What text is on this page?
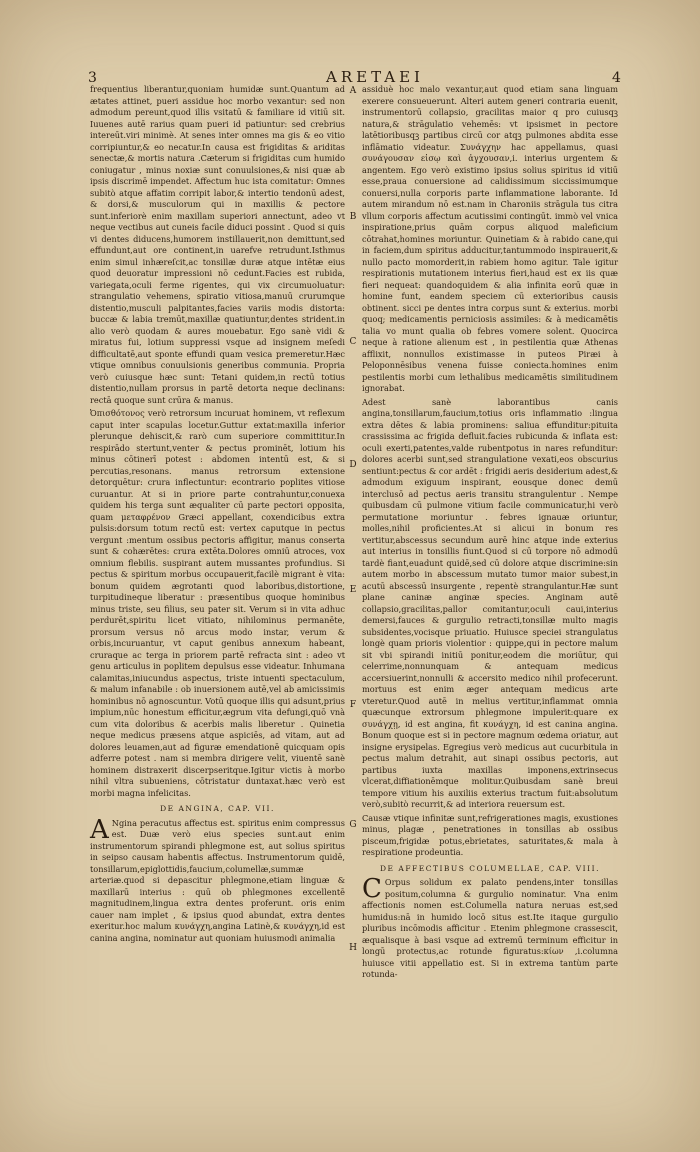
3	ARETAEI	4

frequentius liberantur,quoniam humidæ sunt.Quantum ad ætates attinet, pueri assidue hoc morbo vexantur: sed non admodum pereunt,quod illis vsitatū & familiare id vitiū sit. Iuuenes autē rarius quam pueri id patiuntur: sed crebrius intereūt.viri minimè. At senes inter omnes ma gis & eo vitio corripiuntur,& eo necatur.In causa est frigiditas & ariditas senectæ,& mortis natura .Cæterum si frigiditas cum humido coniugatur , minus noxiæ sunt conuulsiones,& nisi quæ ab ipsis discrimē impendet. Affectum huc ista comitatur: Omnes subitò atque affatim corripit labor,& intertio tendonū adest, & dorsi,& musculorum qui in maxillis & pectore sunt.inferiorè enim maxillam superiori annectunt, adeo vt neque vectibus aut cuneis facile diduci possint . Quod si quis vi dentes diducens,humorem instillauerit,non demittunt,sed effundunt,aut ore continent,in uarefve retrudunt.Isthmus enim simul inhæreſcit,ac tonsillæ duræ atque intētæ eius quod deuoratur impressioni nō cedunt.Facies est rubida, variegata,oculi ferme rigentes, qui vix circumuoluatur: strangulatio vehemens, spiratio vitiosa,manuū crurumque distentio,musculi palpitantes,facies variis modis distorta: buccæ & labia tremūt,maxillæ quatiuntur,dentes strident.in alio verò quodam & aures mouebatur. Ego sanè vidi & miratus fui, lotium suppressi vsque ad insignem meſedi difficultatē,aut sponte effundi quam vesica premeretur.Hæc vtique omnibus conuulsionis generibus communia. Propria verò cuiusque hæc sunt: Tetani quidem,in rectū totius distentio,nullam prorsus in partē detorta neque declinans: rectā quoque sunt crūra & manus.

Ὀπισθότονος verò retrorsum incuruat hominem, vt reflexum caput inter scapulas locetur.Guttur extat:maxilla inferior plerunque dehiscit,& rarò cum superiore committitur.In respirādo stertunt,venter & pectus prominēt, lotium his minus cōtinerī potest : abdomen intentū est, & si percutias,resonans. manus retrorsum extensione detorquētur: crura inflectuntur: econtrario poplites vitiose curuantur. At si in priore parte contrahuntur,conuexa quidem his terga sunt æqualiter cū parte pectori opposita, quam μεταφρένον Græci appellant, coxendicibus extra pulsis:dorsum totum rectū est: vertex caputque in pectus vergunt :mentum ossibus pectoris affigitur, manus conserta sunt & cohærētes: crura extēta.Dolores omniū atroces, vox omnium flebilis. suspirant autem mussantes profundius. Si pectus & spiritum morbus occupauerit,facilè migrant è vita: bonum quidem ægrotanti quod laboribus,distortione, turpitudineque liberatur : præsentibus quoque hominibus minus triste, seu filius, seu pater sit. Verum si in vita adhuc perdurēt,spiritu licet vitiato, nihilominus permanēte, prorsum versus nō arcus modo instar, verum & orbis,incuruantur, vt caput genibus annexum habeant, cruraque ac terga in priorem partē refracta sint : adeo vt genu articulus in poplitem depulsus esse videatur. Inhumana calamitas,iniucundus aspectus, triste intuenti spectaculum, & malum infanabile : ob inuersionem autē,vel ab amicissimis hominibus nō agnoscuntur. Votū quoque illis qui adsunt,prius impium,nūc honestum efficitur,ægrum vita defungi,quō vnà cum vita doloribus & acerbis malis liberetur . Quinetia neque medicus præsens atque aspiciēs, ad vitam, aut ad dolores leuamen,aut ad figuræ emendationē quicquam opis adferre potest . nam si membra dirigere velit, viuentē sanè hominem distraxerit discerpseritque.Igitur victis à morbo nihil vltra subueniens, cōtristatur duntaxat.hæc verò est morbi magna infelicitas.

DE ANGINA, CAP. VII.

A Ngina peracutus affectus est. spiritus enim compressus est. Duæ verò eius species sunt.aut enim instrumentorum spirandi phlegmone est, aut solius spiritus in seipso causam habentis affectus. Instrumentorum quidē, tonsillarum,epiglottidis,faucium,columellæ,summæ arteriæ.quod si depascitur phlegmone,etiam linguæ & maxillarū interius : quū ob phlegmones excellentē magnitudinem,lingua extra dentes proferunt. oris enim cauer nam implet , & ipsius quod abundat, extra dentes exeritur.hoc malum κυνάγχη,angina Latinè,& κυνάγχη,id est canina angina, nominatur aut quoniam huiusmodi animalia

A
B
C
D
E
F
G
H

assiduè hoc malo vexantur,aut quod etiam sana linguam exerere consueuerunt. Alteri autem generi contraria euenit, instrumentorū collapsio, gracilitas maior q pro cuiusqꝫ natura,& strāgulatio vehemēs: vt ipsismet in pectore latētioribusqꝫ partibus circū cor atqꝫ pulmones abdita esse inflāmatio videatur. Συνάγχην hac appellamus, quasi συνάγουσαν εἰσῳ καὶ ἀγχουσαν,i. interius urgentem & angentem. Ego verò existimo ipsius solius spiritus id vitiū esse,praua conuersione ad calidissimum siccissimumque conuersi,nulla corporis parte inflammatione laborante. Id autem mirandum nō est.nam in Charoniis strāgula tus citra vllum corporis affectum acutissimi contingūt. immò vel vnica inspiratione,prius quām corpus aliquod maleficium cōtrahat,homines moriuntur. Quinetiam & à rabido cane,qui in faciem,dum spiritus adducitur,tantummodo inspirauerit,& nullo pacto momorderit,in rabiem homo agitur. Tale igitur respirationis mutationem interius fieri,haud est ex iis quæ fieri nequeat: quandoquidem & alia infinita eorū quæ in homine funt, eandem speciem cū exterioribus causis obtinent. sicci pe dentes intra corpus sunt & exterius. morbi quoq; medicamentis perniciosis assimiles: & à medicamētis talia vo munt qualia ob febres vomere solent. Quocirca neque à ratione alienum est , in pestilentia quæ Athenas afflixit, nonnullos existimasse in puteos Piræi à Peloponnēsibus venena fuisse coniecta.homines enim pestilentis morbi cum lethalibus medicamētis similitudinem ignorabat.

Adest sanè laborantibus canis angina,tonsillarum,faucium,totius oris inflammatio :lingua extra dētes & labia prominens: saliua effunditur:pituita crassissima ac frigida defluit.facies rubicunda & inflata est: oculi exerti,patentes,valde rubentpotus in nares refunditur: dolores acerbi sunt,sed strangulatione vexati,eos obscurius sentiunt:pectus & cor ardēt : frigidi aeris desiderium adest,& admodum exiguum inspirant, eousque donec demū interclusō ad pectus aeris transitu strangulentur . Nempe quibusdam cū pulmone vitium facile communicatur,hi verò permutatione moriuntur . febres ignauæ oriuntur, molles,nihil proficientes.At si alicui in bonum res vertitur,abscessus secundum aurē hinc atque inde exterius aut interius in tonsillis fiunt.Quod si cū torpore nō admodū tardè fiant,euadunt quidē,sed cū dolore atque discrimine:sin autem morbo in abscessum mutato tumor maior subest,in acutū abscessū insurgente , repentè strangulantur.Hæ sunt plane caninæ anginæ species. Anginam autē collapsio,gracilitas,pallor comitantur,oculi caui,interius demersi,fauces & gurgulio retracti,tonsillæ multo magis subsidentes,vocisque priuatio. Huiusce speciei strangulatus longè quam prioris violentior : quippe,qui in pectore malum sit vbi spirandi initiū ponitur,eodem die moriūtur, qui celerrime,nonnunquam & antequam medicus accersiuerint,nonnulli & accersito medico nihil profecerunt. mortuus est enim æger antequam medicus arte vteretur.Quod autē in melius vertitur,inflammat omnia quæcunque extrorsum phlegmone impulerit:quare ex συνάγχῃ, id est angina, fit κυνάγχη, id est canina angina. Bonum quoque est si in pectore magnum œdema oriatur, aut insigne erysipelas. Egregius verò medicus aut cucurbitula in pectus malum detrahit, aut sinapi ossibus pectoris, aut partibus iuxta maxillas imponens,extrinsecus vlcerat,diffiationēmque molitur.Quibusdam sanè breui tempore vitium his auxiliis exterius tractum fuit:absolutum verò,subitò recurrit,& ad interiora reuersum est.

Causæ vtique infinitæ sunt,refrigerationes magis, exustiones minus, plagæ , penetrationes in tonsillas ab ossibus pisceum,frigidæ potus,ebrietates, saturitates,& mala à respiratione prodeuntia.

DE AFFECTIBUS COLUMELLAE, CAP. VIII.

C Orpus solidum ex palato pendens,inter tonsillas positum,columna & gurgulio nominatur. Vna enim affectionis nomen est.Columella natura neruas est,sed humidus:nā in humido locō situs est.Ite itaque gurgulio pluribus incōmodis afficitur . Etenim phlegmone crassescit, æqualisque à basi vsque ad extremū terminum efficitur in longū protectus,ac rotunde figuratus:κίων ,i.columna huiusce vitii appellatio est. Si in extrema tantùm parte rotunda-
